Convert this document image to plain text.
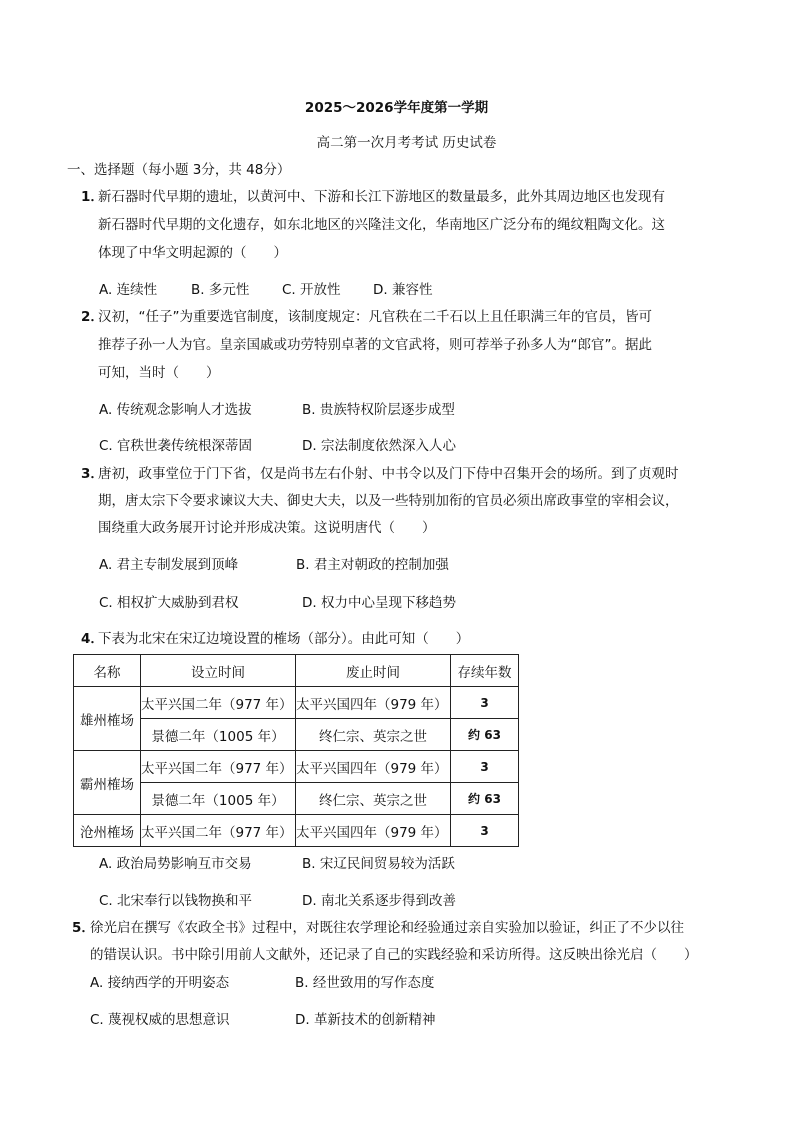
2025～2026学年度第一学期
高二第一次月考考试 历史试卷
一、选择题（每小题 3分，共 48分）
1．
新石器时代早期的遗址，以黄河中、下游和长江下游地区的数量最多，此外其周边地区也发现有
新石器时代早期的文化遗存，如东北地区的兴隆洼文化，华南地区广泛分布的绳纹粗陶文化。这
体现了中华文明起源的（　　）
A. 连续性	B. 多元性 C. 开放性 D. 兼容性
2．
汉初，“任子”为重要选官制度，该制度规定：凡官秩在二千石以上且任职满三年的官员，皆可
推荐子孙一人为官。皇亲国戚或功劳特别卓著的文官武将，则可荐举子孙多人为“郎官”。据此
可知，当时（　　）
A. 传统观念影响人才选拔	B. 贵族特权阶层逐步成型
C. 官秩世袭传统根深蒂固	D. 宗法制度依然深入人心
3．
唐初，政事堂位于门下省，仅是尚书左右仆射、中书令以及门下侍中召集开会的场所。到了贞观时
期，唐太宗下令要求谏议大夫、御史大夫，以及一些特别加衔的官员必须出席政事堂的宰相会议，
围绕重大政务展开讨论并形成决策。这说明唐代（　　）
A. 君主专制发展到顶峰	B. 君主对朝政的控制加强
C. 相权扩大威胁到君权	D. 权力中心呈现下移趋势
4．
下表为北宋在宋辽边境设置的榷场（部分）。由此可知（　　）
名称	设立时间	废止时间	存续年数
雄州榷场	太平兴国二年（977 年）	太平兴国四年（979 年）	3
	景德二年（1005 年）	终仁宗、英宗之世	约 63
霸州榷场	太平兴国二年（977 年）	太平兴国四年（979 年）	3
	景德二年（1005 年）	终仁宗、英宗之世	约 63
沧州榷场	太平兴国二年（977 年）	太平兴国四年（979 年）	3
A. 政治局势影响互市交易	B. 宋辽民间贸易较为活跃
C. 北宋奉行以钱物换和平	D. 南北关系逐步得到改善
5．
徐光启在撰写《农政全书》过程中，对既往农学理论和经验通过亲自实验加以验证，纠正了不少以往
的错误认识。书中除引用前人文献外，还记录了自己的实践经验和采访所得。这反映出徐光启（　　）
A. 接纳西学的开明姿态	B. 经世致用的写作态度
C. 蔑视权威的思想意识	D. 革新技术的创新精神
